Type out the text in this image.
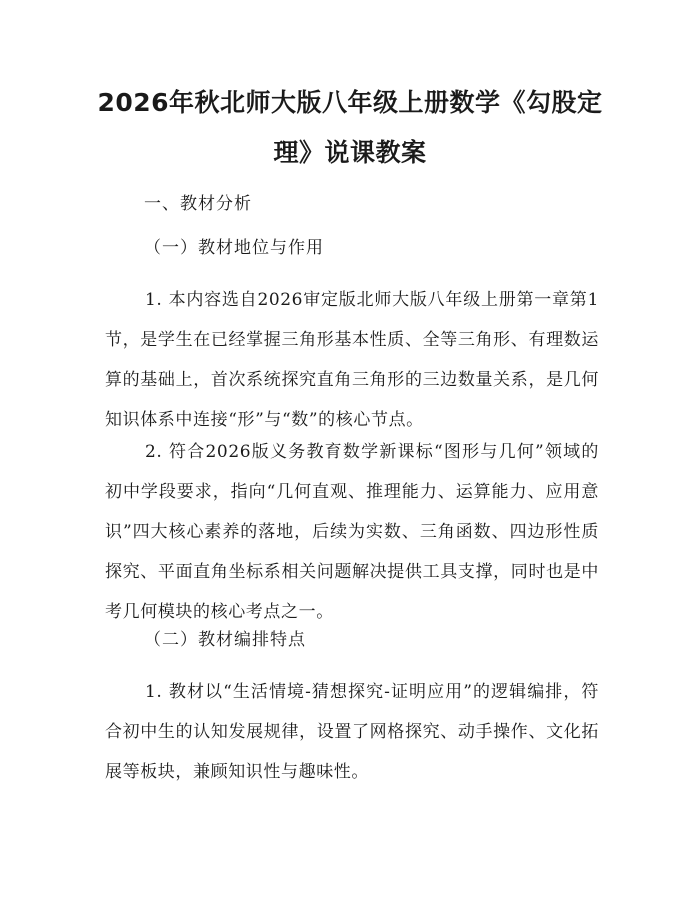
2026年秋北师大版八年级上册数学《勾股定理》说课教案

一、教材分析

（一）教材地位与作用

1. 本内容选自2026审定版北师大版八年级上册第一章第1节，是学生在已经掌握三角形基本性质、全等三角形、有理数运算的基础上，首次系统探究直角三角形的三边数量关系，是几何知识体系中连接“形”与“数”的核心节点。

2. 符合2026版义务教育数学新课标“图形与几何”领域的初中学段要求，指向“几何直观、推理能力、运算能力、应用意识”四大核心素养的落地，后续为实数、三角函数、四边形性质探究、平面直角坐标系相关问题解决提供工具支撑，同时也是中考几何模块的核心考点之一。

（二）教材编排特点

1. 教材以“生活情境-猜想探究-证明应用”的逻辑编排，符合初中生的认知发展规律，设置了网格探究、动手操作、文化拓展等板块，兼顾知识性与趣味性。
